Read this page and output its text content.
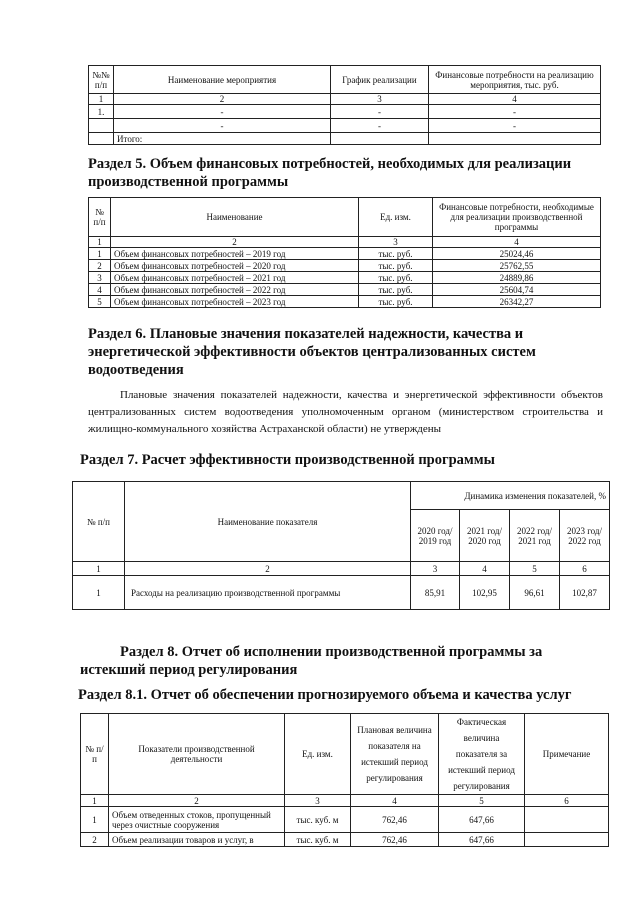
№№ п/п	Наименование мероприятия	График реализации	Финансовые потребности на реализацию мероприятия, тыс. руб.
1	2	3	4
1.	-	-	-
	-	-	-
	Итого:		

Раздел 5. Объем финансовых потребностей, необходимых для реализации производственной программы

№ п/п	Наименование	Ед. изм.	Финансовые потребности, необходимые для реализации производственной программы
1	2	3	4
1	Объем финансовых потребностей – 2019 год	тыс. руб.	25024,46
2	Объем финансовых потребностей – 2020 год	тыс. руб.	25762,55
3	Объем финансовых потребностей – 2021 год	тыс. руб.	24889,86
4	Объем финансовых потребностей – 2022 год	тыс. руб.	25604,74
5	Объем финансовых потребностей – 2023 год	тыс. руб.	26342,27

Раздел 6. Плановые значения показателей надежности, качества и энергетической эффективности объектов централизованных систем водоотведения

Плановые значения показателей надежности, качества и энергетической эффективности объектов централизованных систем водоотведения уполномоченным органом (министерством строительства и жилищно-коммунального хозяйства Астраханской области) не утверждены

Раздел 7. Расчет эффективности производственной программы

№ п/п	Наименование показателя	Динамика изменения показателей, %			
		2020 год/ 2019 год	2021 год/ 2020 год	2022 год/ 2021 год	2023 год/ 2022 год
1	2	3	4	5	6
1	Расходы на реализацию производственной программы	85,91	102,95	96,61	102,87

Раздел 8. Отчет об исполнении производственной программы за истекший период регулирования

Раздел 8.1. Отчет об обеспечении прогнозируемого объема и качества услуг

№ п/п	Показатели производственной деятельности	Ед. изм.	Плановая величина показателя на истекший период регулирования	Фактическая величина показателя за истекший период регулирования	Примечание
1	2	3	4	5	6
1	Объем отведенных стоков, пропущенный через очистные сооружения	тыс. куб. м	762,46	647,66	
2	Объем реализации товаров и услуг, в	тыс. куб. м	762,46	647,66	
